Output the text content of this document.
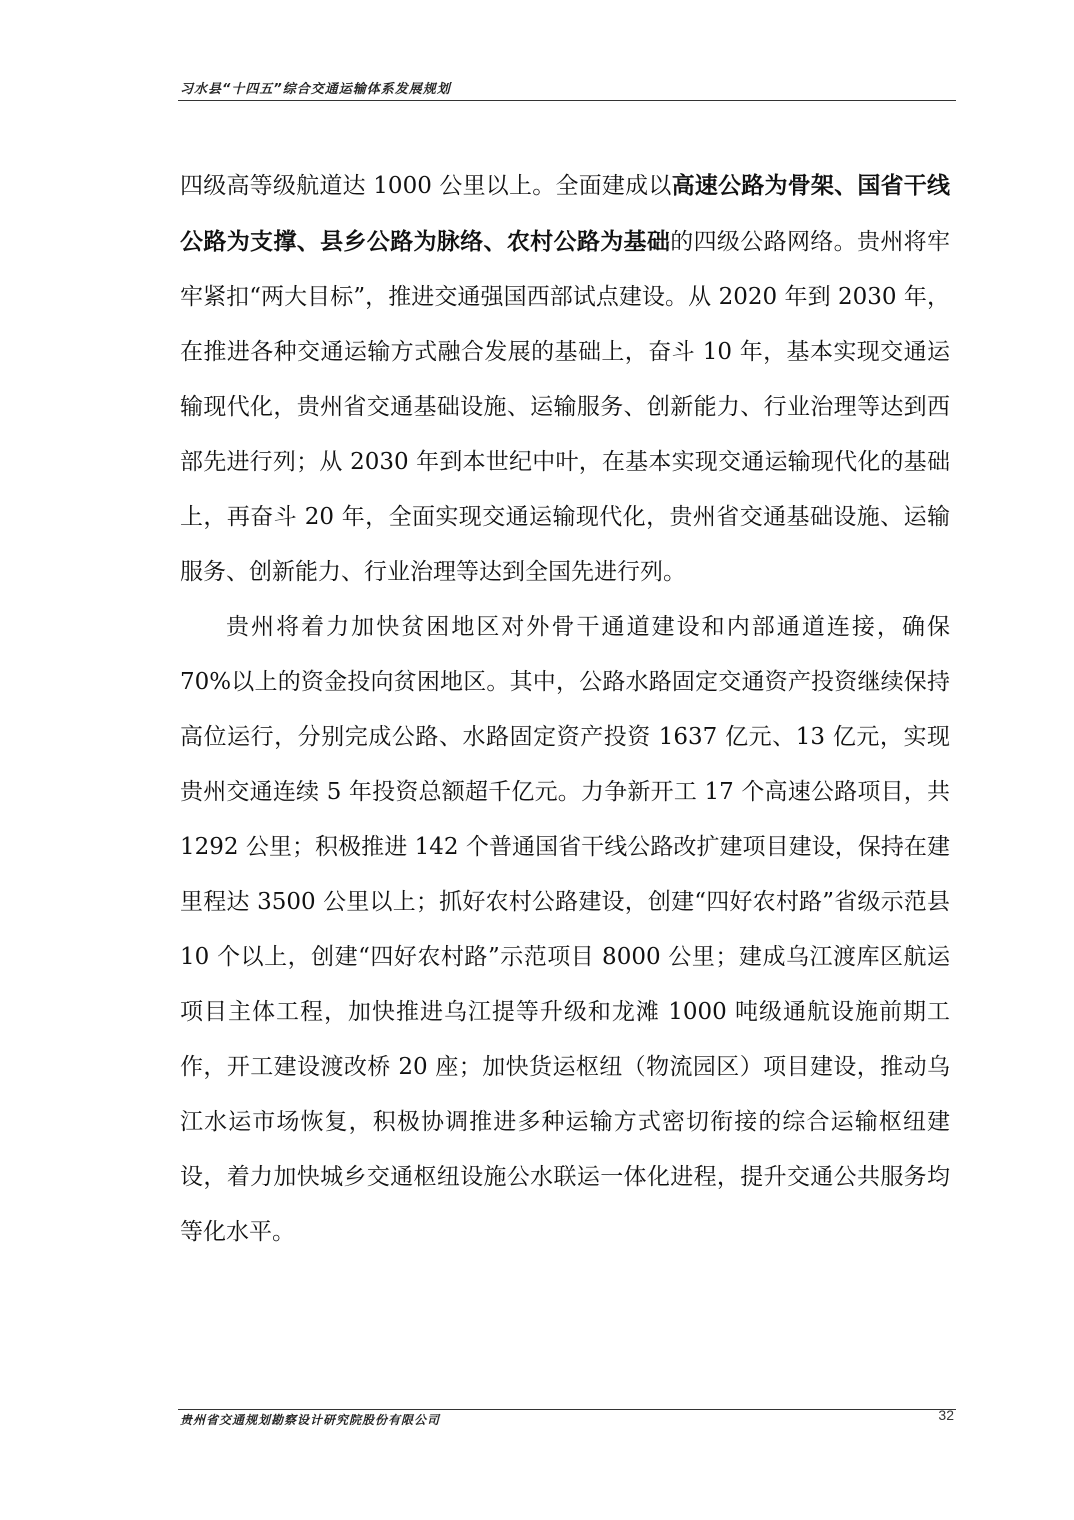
习水县“十四五”综合交通运输体系发展规划

四级高等级航道达 1000 公里以上。全面建成以高速公路为骨架、国省干线公路为支撑、县乡公路为脉络、农村公路为基础的四级公路网络。贵州将牢牢紧扣“两大目标”，推进交通强国西部试点建设。从 2020 年到 2030 年，在推进各种交通运输方式融合发展的基础上，奋斗 10 年，基本实现交通运输现代化，贵州省交通基础设施、运输服务、创新能力、行业治理等达到西部先进行列；从 2030 年到本世纪中叶，在基本实现交通运输现代化的基础上，再奋斗 20 年，全面实现交通运输现代化，贵州省交通基础设施、运输服务、创新能力、行业治理等达到全国先进行列。

贵州将着力加快贫困地区对外骨干通道建设和内部通道连接，确保 70%以上的资金投向贫困地区。其中，公路水路固定交通资产投资继续保持高位运行，分别完成公路、水路固定资产投资 1637 亿元、13 亿元，实现贵州交通连续 5 年投资总额超千亿元。力争新开工 17 个高速公路项目，共 1292 公里；积极推进 142 个普通国省干线公路改扩建项目建设，保持在建里程达 3500 公里以上；抓好农村公路建设，创建“四好农村路”省级示范县 10 个以上，创建“四好农村路”示范项目 8000 公里；建成乌江渡库区航运项目主体工程，加快推进乌江提等升级和龙滩 1000 吨级通航设施前期工作，开工建设渡改桥 20 座；加快货运枢纽（物流园区）项目建设，推动乌江水运市场恢复，积极协调推进多种运输方式密切衔接的综合运输枢纽建设，着力加快城乡交通枢纽设施公水联运一体化进程，提升交通公共服务均等化水平。

贵州省交通规划勘察设计研究院股份有限公司	32
